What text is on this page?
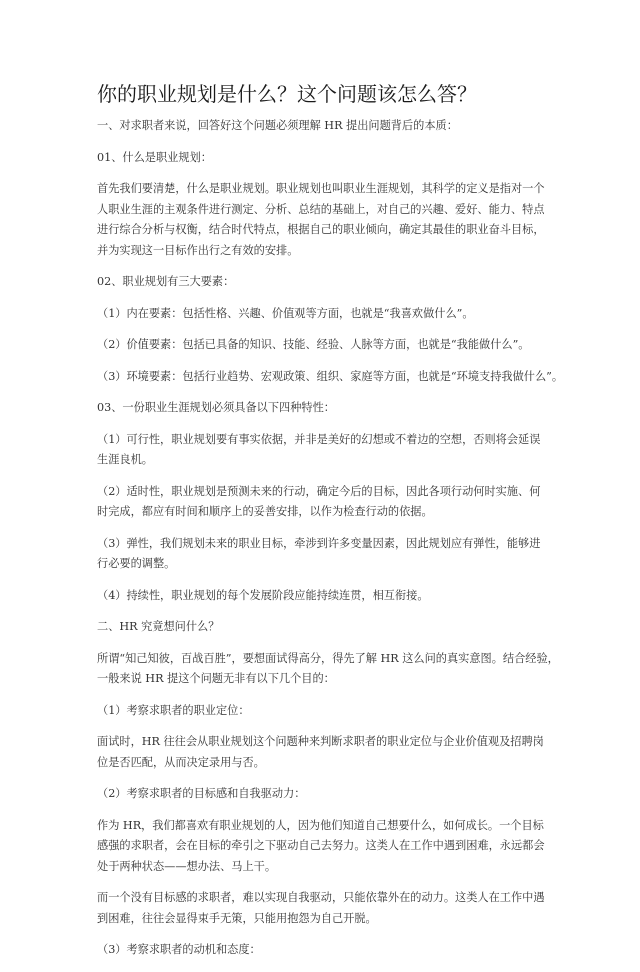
你的职业规划是什么？这个问题该怎么答？
一、对求职者来说，回答好这个问题必须理解 HR 提出问题背后的本质：
01、什么是职业规划：
首先我们要清楚，什么是职业规划。职业规划也叫职业生涯规划，其科学的定义是指对一个
人职业生涯的主观条件进行测定、分析、总结的基础上，对自己的兴趣、爱好、能力、特点
进行综合分析与权衡，结合时代特点，根据自己的职业倾向，确定其最佳的职业奋斗目标，
并为实现这一目标作出行之有效的安排。
02、职业规划有三大要素：
（1）内在要素：包括性格、兴趣、价值观等方面，也就是“我喜欢做什么”。
（2）价值要素：包括已具备的知识、技能、经验、人脉等方面，也就是“我能做什么”。
（3）环境要素：包括行业趋势、宏观政策、组织、家庭等方面，也就是“环境支持我做什么”。
03、一份职业生涯规划必须具备以下四种特性：
（1）可行性，职业规划要有事实依据，并非是美好的幻想或不着边的空想，否则将会延误
生涯良机。
（2）适时性，职业规划是预测未来的行动，确定今后的目标，因此各项行动何时实施、何
时完成，都应有时间和顺序上的妥善安排，以作为检查行动的依据。
（3）弹性，我们规划未来的职业目标，牵涉到许多变量因素，因此规划应有弹性，能够进
行必要的调整。
（4）持续性，职业规划的每个发展阶段应能持续连贯，相互衔接。
二、HR 究竟想问什么？
所谓“知己知彼，百战百胜”，要想面试得高分，得先了解 HR 这么问的真实意图。结合经验，
一般来说 HR 提这个问题无非有以下几个目的：
（1）考察求职者的职业定位：
面试时，HR 往往会从职业规划这个问题种来判断求职者的职业定位与企业价值观及招聘岗
位是否匹配，从而决定录用与否。
（2）考察求职者的目标感和自我驱动力：
作为 HR，我们都喜欢有职业规划的人，因为他们知道自己想要什么，如何成长。一个目标
感强的求职者，会在目标的牵引之下驱动自己去努力。这类人在工作中遇到困难，永远都会
处于两种状态——想办法、马上干。
而一个没有目标感的求职者，难以实现自我驱动，只能依靠外在的动力。这类人在工作中遇
到困难，往往会显得束手无策，只能用抱怨为自己开脱。
（3）考察求职者的动机和态度：
